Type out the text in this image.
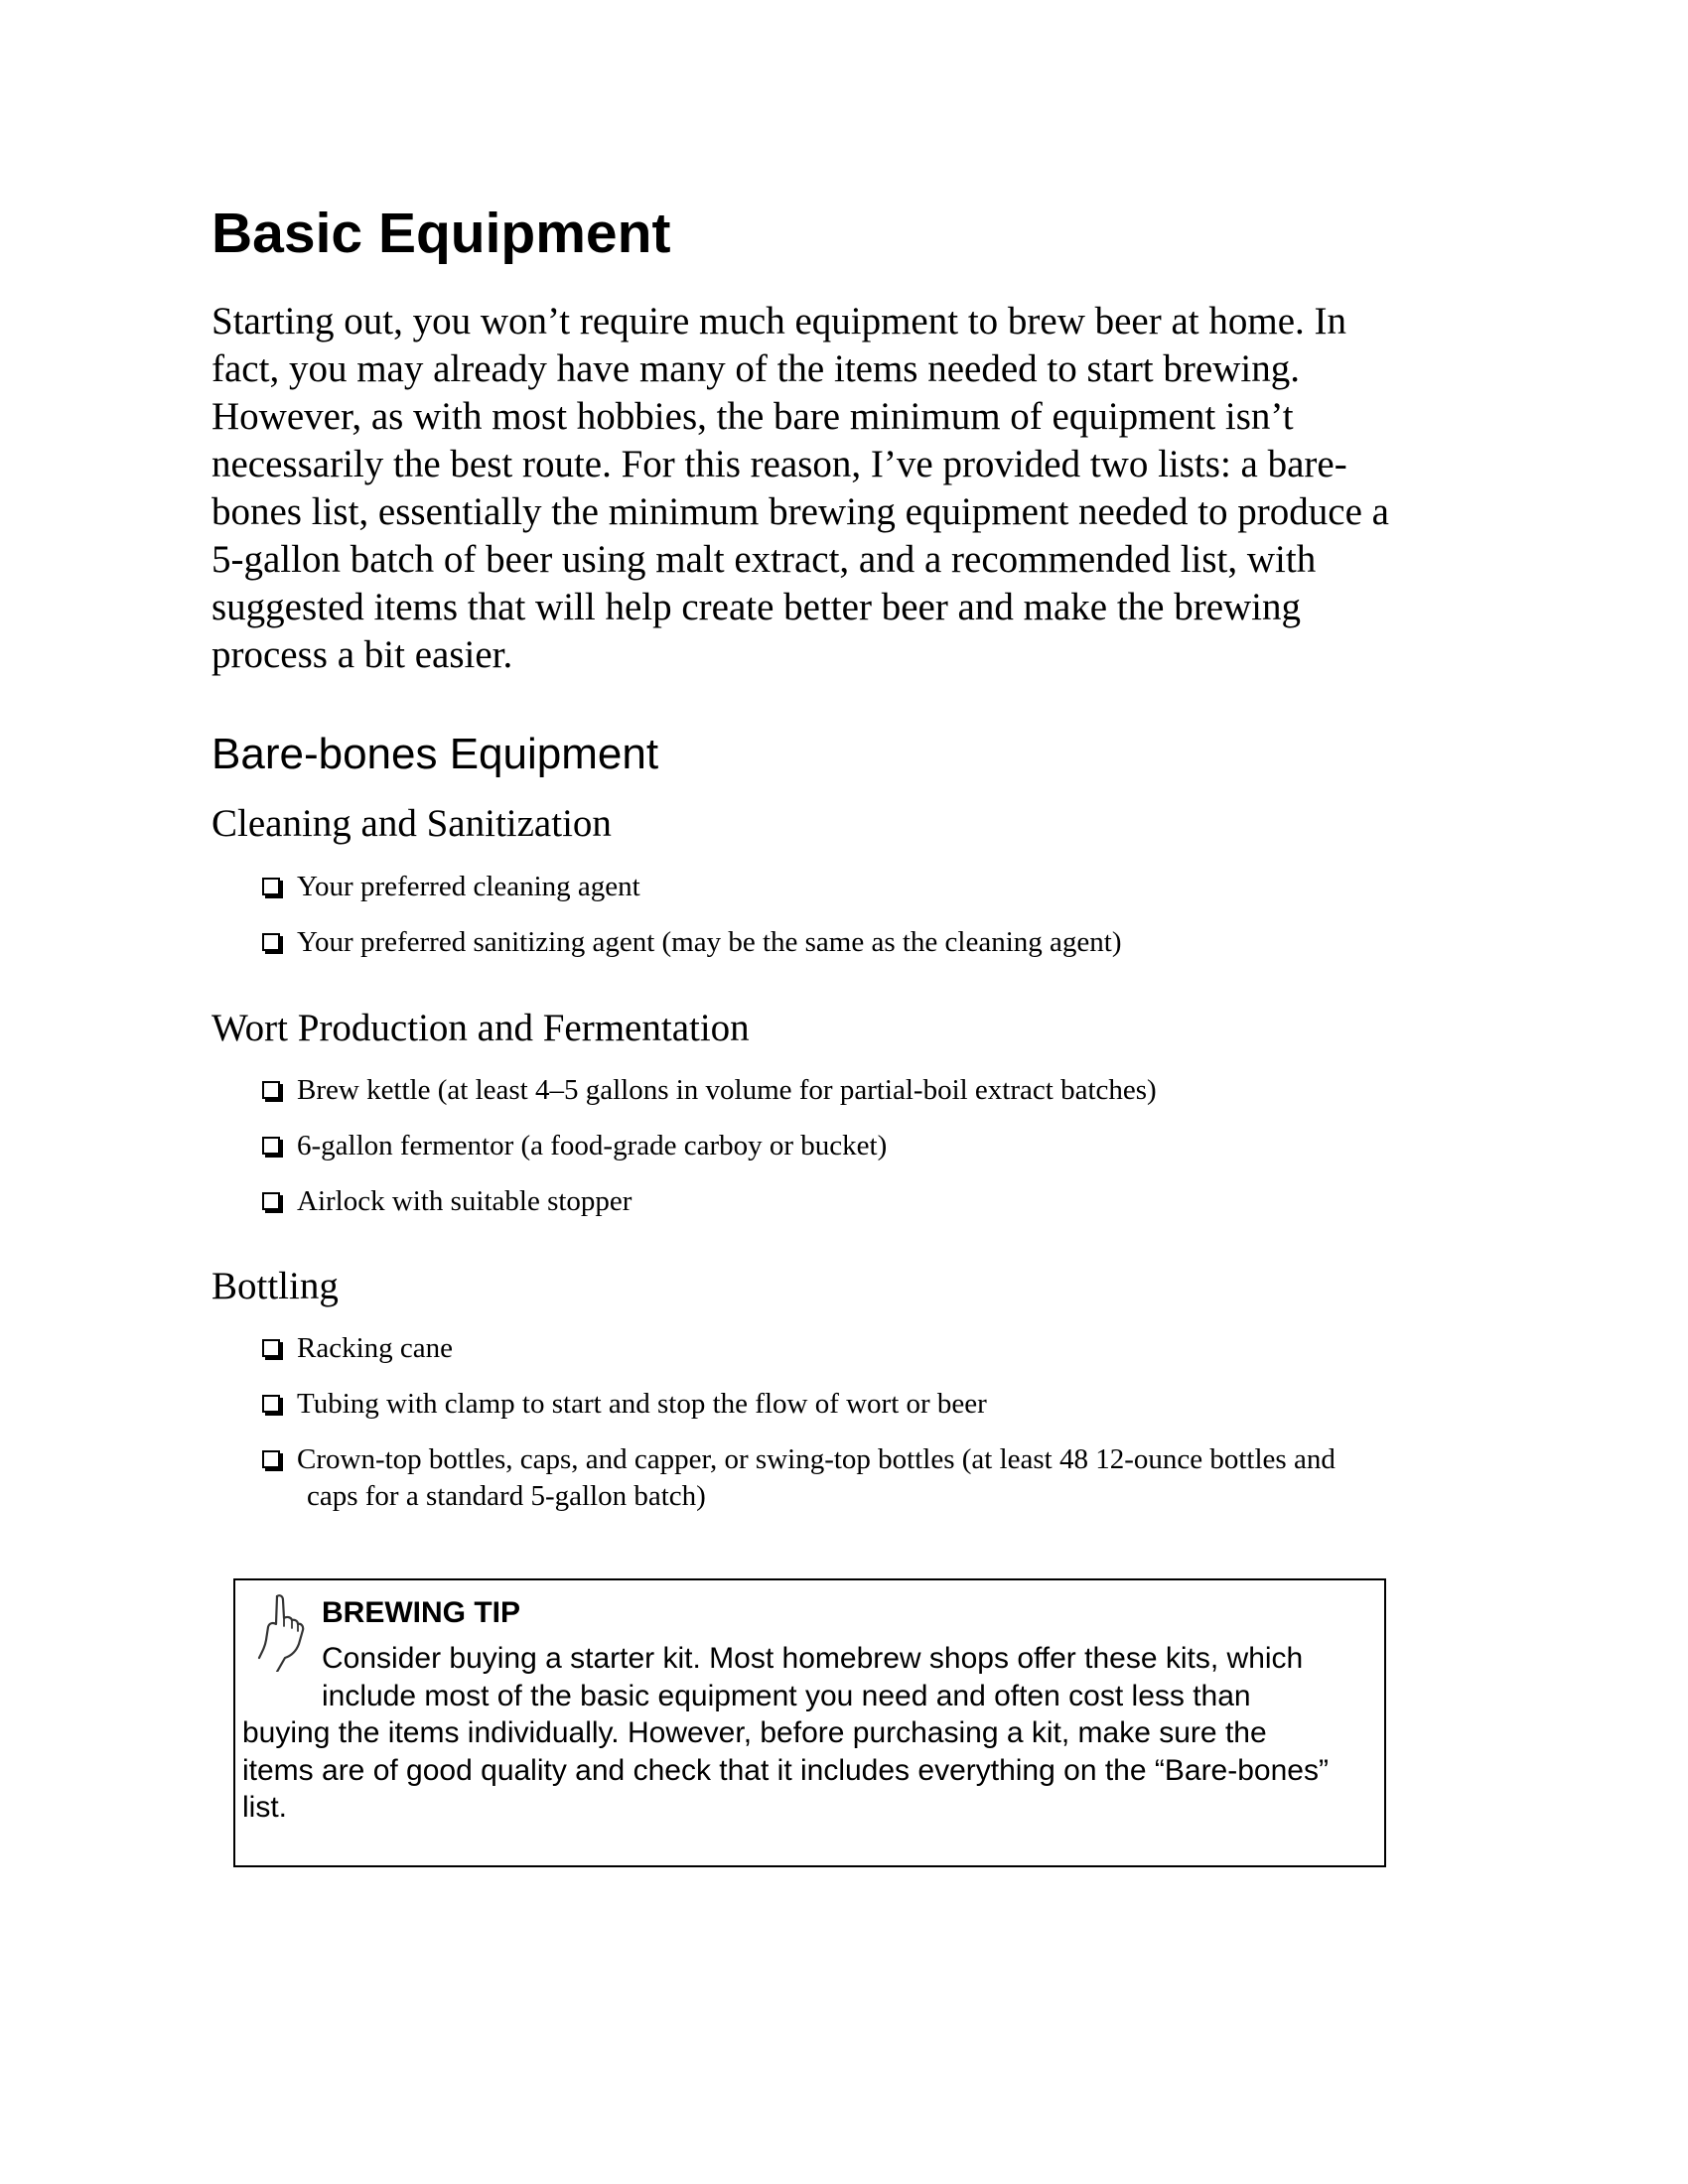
Basic Equipment

Starting out, you won’t require much equipment to brew beer at home. In
fact, you may already have many of the items needed to start brewing.
However, as with most hobbies, the bare minimum of equipment isn’t
necessarily the best route. For this reason, I’ve provided two lists: a bare-
bones list, essentially the minimum brewing equipment needed to produce a
5-gallon batch of beer using malt extract, and a recommended list, with
suggested items that will help create better beer and make the brewing
process a bit easier.

Bare-bones Equipment
Cleaning and Sanitization
Your preferred cleaning agent
Your preferred sanitizing agent (may be the same as the cleaning agent)
Wort Production and Fermentation
Brew kettle (at least 4–5 gallons in volume for partial-boil extract batches)
6-gallon fermentor (a food-grade carboy or bucket)
Airlock with suitable stopper
Bottling
Racking cane
Tubing with clamp to start and stop the flow of wort or beer
Crown-top bottles, caps, and capper, or swing-top bottles (at least 48 12-ounce bottles and
caps for a standard 5-gallon batch)
BREWING TIP
Consider buying a starter kit. Most homebrew shops offer these kits, which
include most of the basic equipment you need and often cost less than
buying the items individually. However, before purchasing a kit, make sure the
items are of good quality and check that it includes everything on the “Bare-bones”
list.
